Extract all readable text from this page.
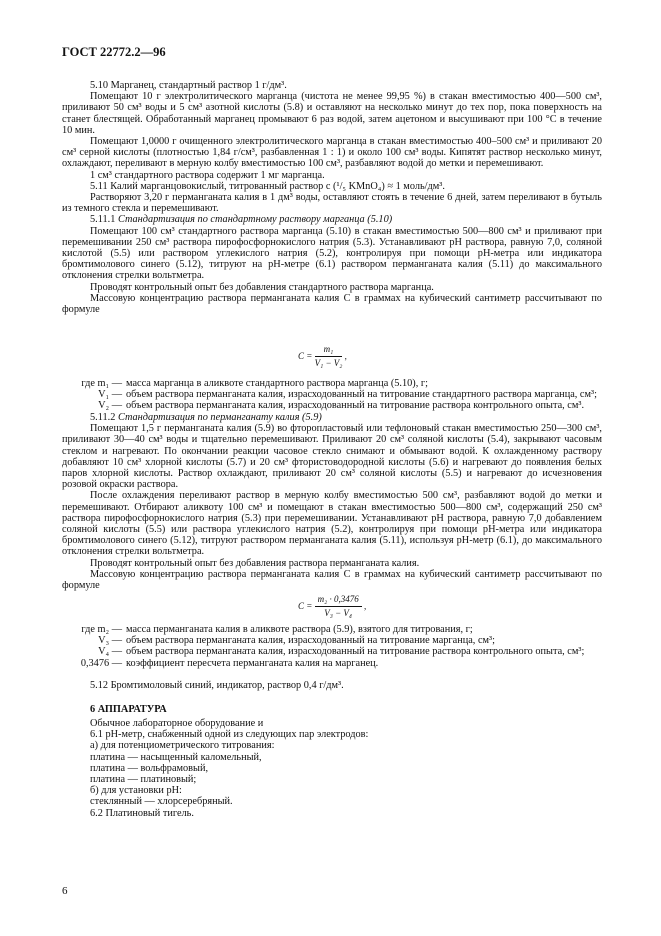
ГОСТ 22772.2—96

5.10 Марганец, стандартный раствор 1 г/дм³.

Помещают 10 г электролитического марганца (чистота не менее 99,95 %) в стакан вместимостью 400—500 см³, приливают 50 см³ воды и 5 см³ азотной кислоты (5.8) и оставляют на несколько минут до тех пор, пока поверхность на станет блестящей. Обработанный марганец промывают 6 раз водой, затем ацетоном и высушивают при 100 °С в течение 10 мин.

Помещают 1,0000 г очищенного электролитического марганца в стакан вместимостью 400–500 см³ и приливают 20 см³ серной кислоты (плотностью 1,84 г/см³, разбавленная 1 : 1) и около 100 см³ воды. Кипятят раствор несколько минут, охлаждают, переливают в мерную колбу вместимостью 100 см³, разбавляют водой до метки и перемешивают.

1 см³ стандартного раствора содержит 1 мг марганца.

5.11 Калий марганцовокислый, титрованный раствор c (¹/₅ KMnO₄) ≈ 1 моль/дм³.

Растворяют 3,20 г перманганата калия в 1 дм³ воды, оставляют стоять в течение 6 дней, затем переливают в бутыль из темного стекла и перемешивают.

5.11.1 Стандартизация по стандартному раствору марганца (5.10)

Помещают 100 см³ стандартного раствора марганца (5.10) в стакан вместимостью 500—800 см³ и приливают при перемешивании 250 см³ раствора пирофосфорнокислого натрия (5.3). Устанавливают рН раствора, равную 7,0, соляной кислотой (5.5) или раствором углекислого натрия (5.2), контролируя при помощи рН-метра или индикатора бромтимолового синего (5.12), титруют на рН-метре (6.1) раствором перманганата калия (5.11) до максимального отклонения стрелки вольтметра.

Проводят контрольный опыт без добавления стандартного раствора марганца.

Массовую концентрацию раствора перманганата калия C в граммах на кубический сантиметр рассчитывают по формуле

$C = \frac{\text{m₁}}{\text{V₁ − V₂}}$ ,
где m₁ — масса марганца в аликвоте стандартного раствора марганца (5.10), г;
V₁ — объем раствора перманганата калия, израсходованный на титрование стандартного раствора марганца, см³;
V₂ — объем раствора перманганата калия, израсходованный на титрование раствора контрольного опыта, см³.

5.11.2 Стандартизация по перманганату калия (5.9)

Помещают 1,5 г перманганата калия (5.9) во фторопластовый или тефлоновый стакан вместимостью 250—300 см³, приливают 30—40 см³ воды и тщательно перемешивают. Приливают 20 см³ соляной кислоты (5.4), закрывают часовым стеклом и нагревают. По окончании реакции часовое стекло снимают и обмывают водой. К охлажденному раствору добавляют 10 см³ хлорной кислоты (5.7) и 20 см³ фтористоводородной кислоты (5.6) и нагревают до появления белых паров хлорной кислоты. Раствор охлаждают, приливают 20 см³ соляной кислоты (5.5) и нагревают до исчезновения розовой окраски раствора.

После охлаждения переливают раствор в мерную колбу вместимостью 500 см³, разбавляют водой до метки и перемешивают. Отбирают аликвоту 100 см³ и помещают в стакан вместимостью 500—800 см³, содержащий 250 см³ раствора пирофосфорнокислого натрия (5.3) при перемешивании. Устанавливают рН раствора, равную 7,0 добавлением соляной кислоты (5.5) или раствора углекислого натрия (5.2), контролируя при помощи рН-метра или индикатора бромтимолового синего (5.12), титруют раствором перманганата калия (5.11), используя рН-метр (6.1), до максимального отклонения стрелки вольтметра.

Проводят контрольный опыт без добавления раствора перманганата калия.

Массовую концентрацию раствора перманганата калия C в граммах на кубический сантиметр рассчитывают по формуле

$C = \frac{\text{m₂ · 0,3476}}{\text{V₃ − V₄}}$ ,
где m₂ — масса перманганата калия в аликвоте раствора (5.9), взятого для титрования, г;
V₃ — объем раствора перманганата калия, израсходованный на титрование марганца, см³;
V₄ — объем раствора перманганата калия, израсходованный на титрование раствора контрольного опыта, см³;
0,3476 — коэффициент пересчета перманганата калия на марганец.

5.12 Бромтимоловый синий, индикатор, раствор 0,4 г/дм³.

6 АППАРАТУРА

Обычное лабораторное оборудование и

6.1 рН-метр, снабженный одной из следующих пар электродов:

а) для потенциометрического титрования:

платина — насыщенный каломельный,

платина — вольфрамовый,

платина — платиновый;

б) для установки рН:

стеклянный — хлорсеребряный.

6.2 Платиновый тигель.

6
